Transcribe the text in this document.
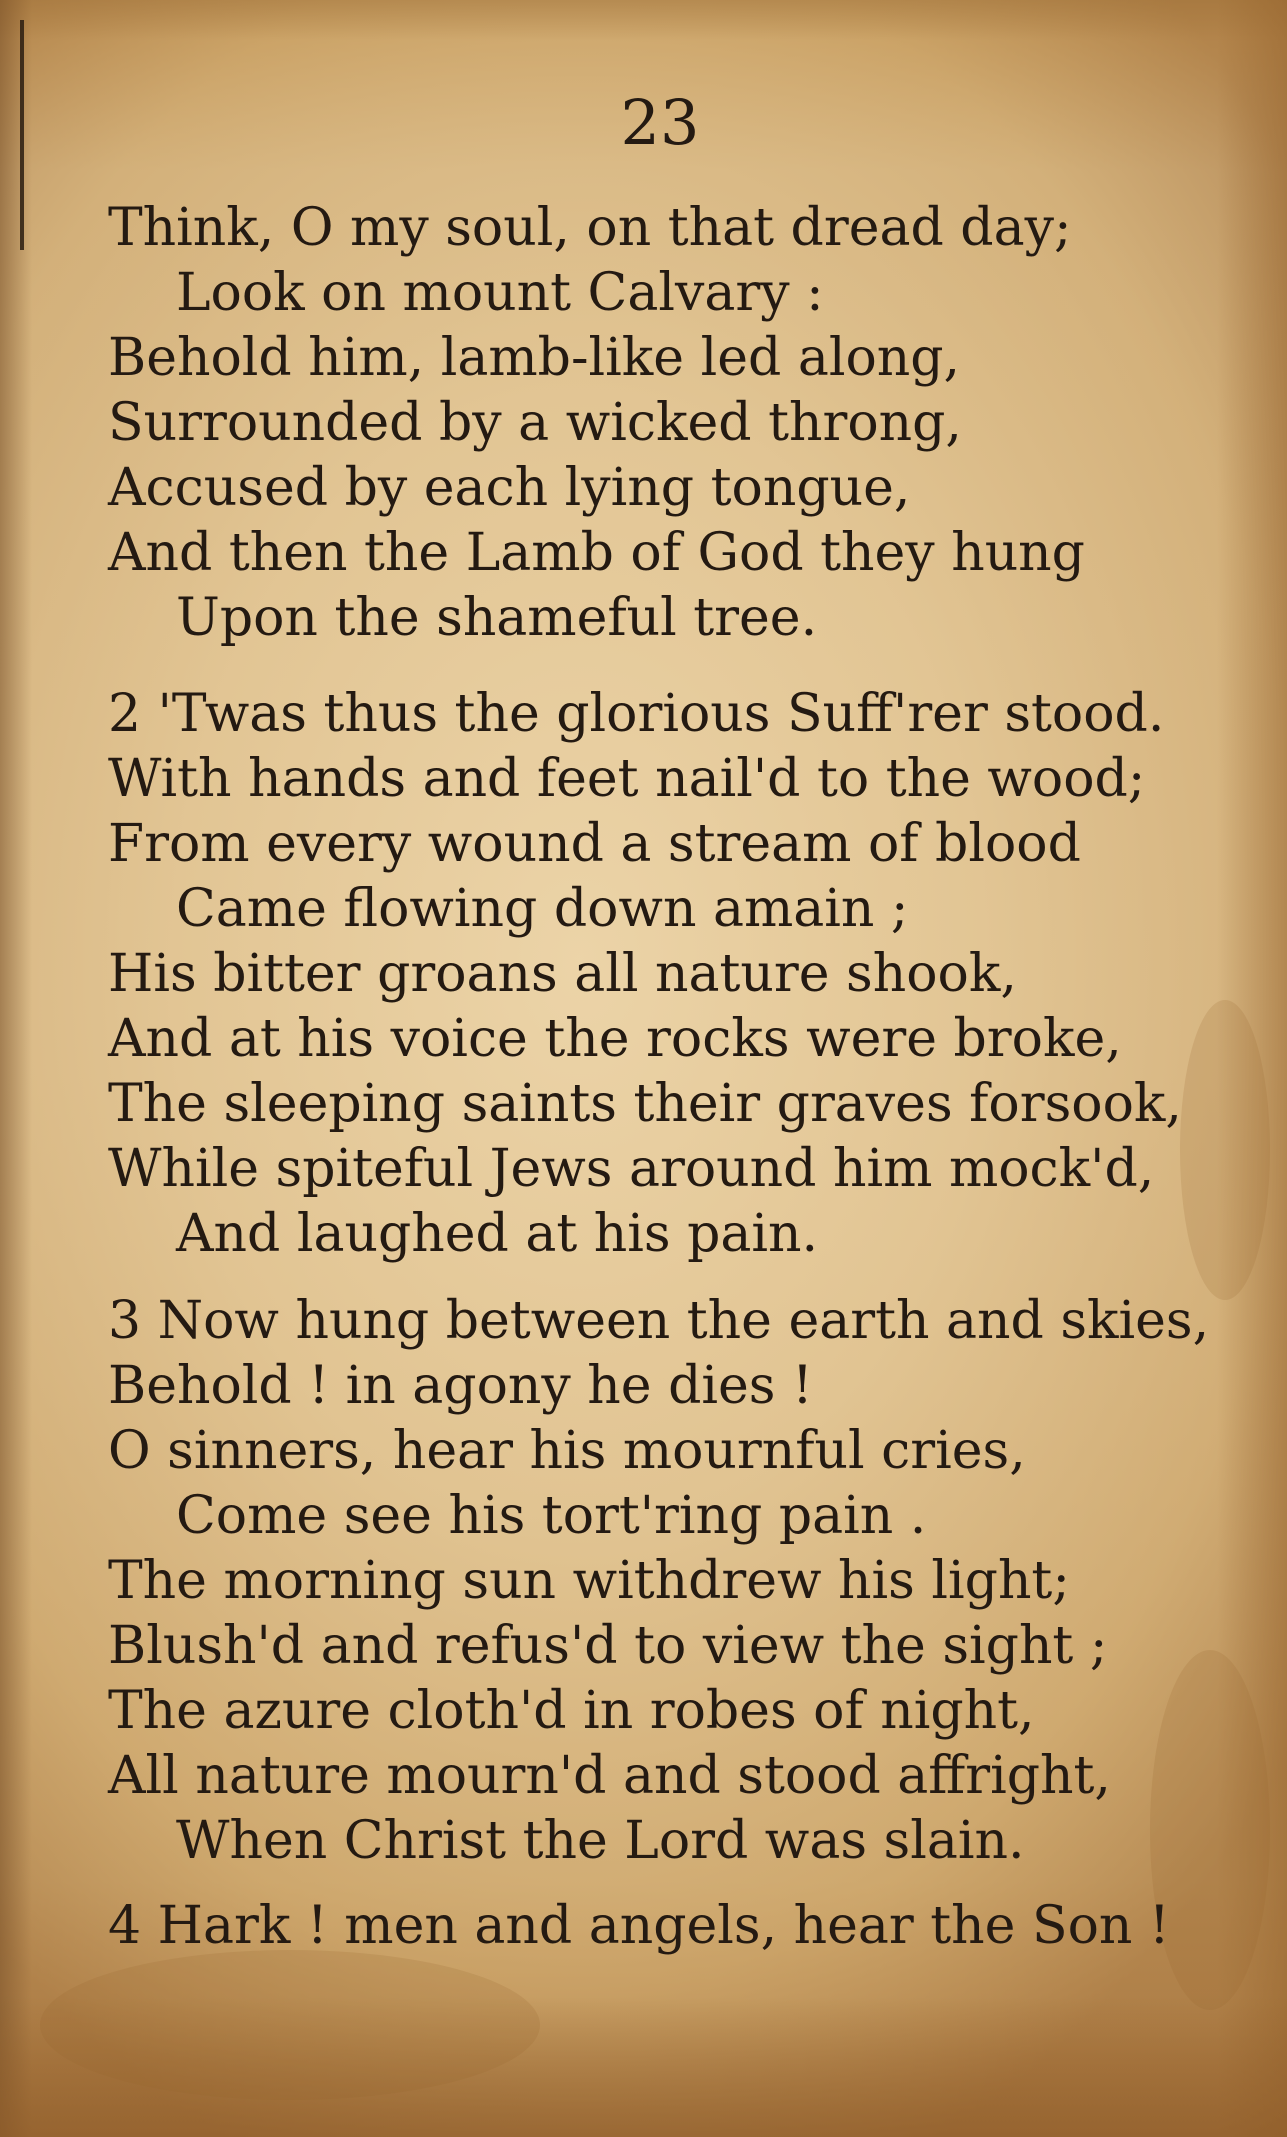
23
Think, O my soul, on that dread day;
Look on mount Calvary :
Behold him, lamb-like led along,
Surrounded by a wicked throng,
Accused by each lying tongue,
And then the Lamb of God they hung
Upon the shameful tree.
2 'Twas thus the glorious Suff'rer stood.
With hands and feet nail'd to the wood;
From every wound a stream of blood
Came flowing down amain ;
His bitter groans all nature shook,
And at his voice the rocks were broke,
The sleeping saints their graves forsook,
While spiteful Jews around him mock'd,
And laughed at his pain.
3 Now hung between the earth and skies,
Behold ! in agony he dies !
O sinners, hear his mournful cries,
Come see his tort'ring pain .
The morning sun withdrew his light;
Blush'd and refus'd to view the sight ;
The azure cloth'd in robes of night,
All nature mourn'd and stood affright,
When Christ the Lord was slain.
4 Hark ! men and angels, hear the Son !
